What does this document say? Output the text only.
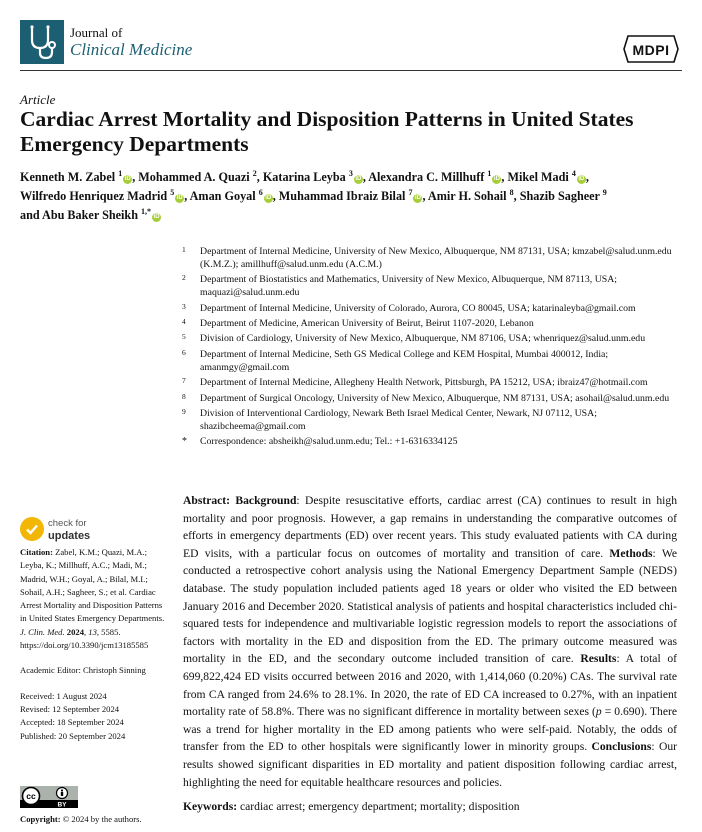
Journal of
Clinical Medicine	MDPI
Article
Cardiac Arrest Mortality and Disposition Patterns in United States Emergency Departments
Kenneth M. Zabel $^1$iD , Mohammed A. Quazi $^2$, Katarina Leyba $^3$iD , Alexandra C. Millhuff $^1$iD , Mikel Madi $^4$iD ,
Wilfredo Henriquez Madrid $^5$iD , Aman Goyal $^6$iD , Muhammad Ibraiz Bilal $^7$iD , Amir H. Sohail $^8$, Shazib Sagheer $^9$
and Abu Baker Sheikh $^{1,*}$iD
1 Department of Internal Medicine, University of New Mexico, Albuquerque, NM 87131, USA; kmzabel@salud.unm.edu (K.M.Z.); amillhuff@salud.unm.edu (A.C.M.)
2 Department of Biostatistics and Mathematics, University of New Mexico, Albuquerque, NM 87113, USA; maquazi@salud.unm.edu
3 Department of Internal Medicine, University of Colorado, Aurora, CO 80045, USA; katarinaleyba@gmail.com
4 Department of Medicine, American University of Beirut, Beirut 1107-2020, Lebanon
5 Division of Cardiology, University of New Mexico, Albuquerque, NM 87106, USA; whenriquez@salud.unm.edu
6 Department of Internal Medicine, Seth GS Medical College and KEM Hospital, Mumbai 400012, India; amanmgy@gmail.com
7 Department of Internal Medicine, Allegheny Health Network, Pittsburgh, PA 15212, USA; ibraiz47@hotmail.com
8 Department of Surgical Oncology, University of New Mexico, Albuquerque, NM 87131, USA; asohail@salud.unm.edu
9 Division of Interventional Cardiology, Newark Beth Israel Medical Center, Newark, NJ 07112, USA; shazibcheema@gmail.com
* Correspondence: absheikh@salud.unm.edu; Tel.: +1-6316334125
check for
updates

Citation: Zabel, K.M.; Quazi, M.A.; Leyba, K.; Millhuff, A.C.; Madi, M.; Madrid, W.H.; Goyal, A.; Bilal, M.I.; Sohail, A.H.; Sagheer, S.; et al. Cardiac Arrest Mortality and Disposition Patterns in United States Emergency Departments. J. Clin. Med. 2024, 13, 5585. https://doi.org/10.3390/jcm13185585

Academic Editor: Christoph Sinning

Received: 1 August 2024

Revised: 12 September 2024

Accepted: 18 September 2024

Published: 20 September 2024

cc
BY
Copyright: © 2024 by the authors.

Abstract: Background: Despite resuscitative efforts, cardiac arrest (CA) continues to result in high mortality and poor prognosis. However, a gap remains in understanding the comparative outcomes of efforts in emergency departments (ED) over recent years. This study evaluated patients with CA during ED visits, with a particular focus on outcomes of mortality and transition of care. Methods: We conducted a retrospective cohort analysis using the National Emergency Department Sample (NEDS) database. The study population included patients aged 18 years or older who visited the ED between January 2016 and December 2020. Statistical analysis of patients and hospital characteristics included chi-squared tests for independence and multivariable logistic regression models to report the associations of factors with mortality in the ED and disposition from the ED. The primary outcome measured was mortality in the ED, and the secondary outcome included transition of care. Results: A total of 699,822,424 ED visits occurred between 2016 and 2020, with 1,414,060 (0.20%) CAs. The survival rate from CA ranged from 24.6% to 28.1%. In 2020, the rate of ED CA increased to 0.27%, with an inpatient mortality rate of 58.8%. There was no significant difference in mortality between sexes (p = 0.690). There was a trend for higher mortality in the ED among patients who were self-paid. Notably, the odds of transfer from the ED to other hospitals were significantly lower in minority groups. Conclusions: Our results showed significant disparities in ED mortality and patient disposition following cardiac arrest, highlighting the need for equitable healthcare resources and policies.

Keywords: cardiac arrest; emergency department; mortality; disposition
